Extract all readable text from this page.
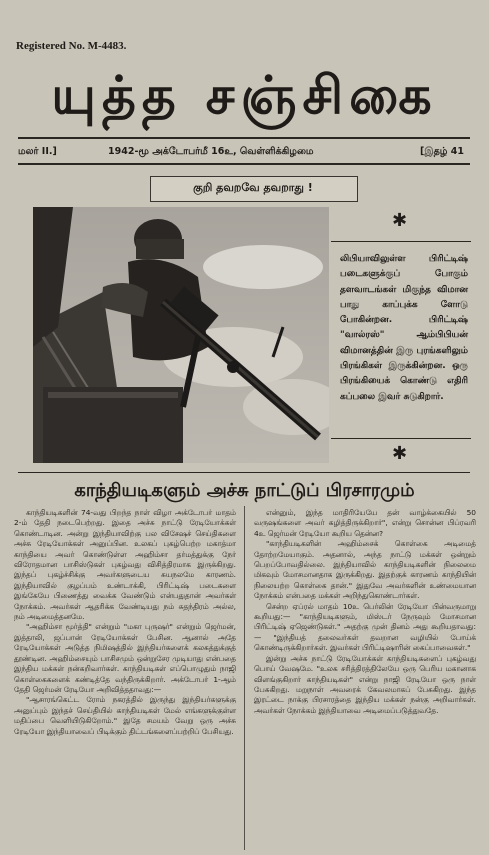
Registered No. M-4483.
யுத்த சஞ்சிகை
மலர் II.]	1942-மூ அக்டோபர்மீ 16உ, வெள்ளிக்கிழமை	[இதழ் 41
குறி தவறவே தவறாது !
✱
லிபியாவிலுள்ள பிரிட்டிஷ் படைகளுக்குப் போகும் தளவாடங்கள் மிகுந்த விமான பாது காப்புக்க ளோடு போகின்றன. பிரிட்டிஷ் "வால்ரஸ்" ஆம்பிபியன் விமானத்தின் இரு புரங்களிலும் பிரங்கிகள் இருக்கின்றன. ஒரு பிரங்கியைக் கொண்டு எதிரி கப்பலை இவர் சுடுகிறார்.
✱
காந்தியடிகளும் அச்சு நாட்டுப் பிரசாரமும்

காந்தியடிகளின் 74-வது பிறந்த நாள் விழா அக்டோபர் மாதம் 2-ம் தேதி நடைபெற்றது. இதை அச்சு நாட்டு ரேடியோக்கள் கொண்டாடின. அன்று இந்தியாவிற்கு பல விசேஷச் செய்திகளை அச்சு ரேடியோக்கள் அனுப்பின. உலகப் புகழ்பெற்ற மகாத்மா காந்தியை அவர் கொண்டுள்ள அஹிம்சா தர்மத்துக்கு நேர் விரோதமான பாசிஸ்டுகள் புகழ்வது விசித்திரமாக இருக்கிறது. இந்தப் புகழ்ச்சிக்கு அவர்களுடைய சுயநலமே காரணம். இந்தியாவில் குழப்பம் உண்டாக்கி, பிரிட்டிஷ் படைகளை இங்கேயே பிணைத்து வைக்க வேண்டும் என்பதுதான் அவர்கள் நோக்கம். அவர்கள் ஆதரிக்க வேண்டியது நம் சுதந்திரம் அல்ல, நம் அடிமைத்தனமே.

"அஹிம்சா மூர்த்தி" என்றும் "மகா புருஷர்" என்றும் ஜெர்மன், இத்தாலி, ஜப்பான் ரேடியோக்கள் பேசின. ஆனால் அதே ரேடியோக்கள் அடுத்த நிமிஷத்தில் இந்தியர்களைக் கலகத்துக்குத் தூண்டின. அஹிம்சையும் பாசிசமும் ஒன்றுசேர முடியாது என்பதை இந்திய மக்கள் நன்கறிவார்கள். காந்தியடிகள் எப்பொழுதும் நாஜி கொள்கைகளைக் கண்டித்தே வந்திருக்கிறார். அக்டோபர் 1-ஆம் தேதி ஜெர்மன் ரேடியோ அறிவித்ததாவது:—

"ஆசாரங்கெட்ட ரோம் நகரத்தில் இருந்து இந்தியர்களுக்கு அனுப்பும் இந்தச் செய்தியில் காந்தியடிகள் மேல் எங்களுக்குள்ள மதிப்பை வெளியிடுகிறோம்." இதே சமயம் வேறு ஒரு அச்சு ரேடியோ இந்தியாவைப் பிடிக்கும் திட்டங்களைப்பற்றிப் பேசியது.

என்னும், இந்த மாதிரியேயே தன் வாழ்க்கையில் 50 வருஷங்களை அவர் கழித்திருக்கிறார்", என்று சொன்ன பிப்ரவரி 4உ ஜெர்மன் ரேடியோ கூறிய தென்ன?

"காந்தியடிகளின் அஹிம்சைக் கொள்கை அடிமைத் தோற்றமேயாகும். அதனால், அந்த நாட்டு மக்கள் ஒன்றும் பெறப்போவதில்லை. இந்தியாவில் காந்தியடிகளின் நிலைமை மிகவும் மோசமானதாக இருக்கிறது. இதற்குக் காரணம் காந்தியின் நிலையற்ற கொள்கை தான்." இதுவே அவர்களின் உண்மையான நோக்கம் என்பதை மக்கள் அறிந்துகொண்டார்கள்.

சென்ற ஏப்ரல் மாதம் 10உ பெர்லின் ரேடியோ பின்வருமாறு கூறியது:— "காந்தியடிகளும், மிஸ்டர் நேருவும் மோசமான பிரிட்டிஷ் ஏஜெண்டுகள்." அதற்கு முன் தினம் அது கூறியதாவது:— "இந்தியத் தலைவர்கள் தவறான வழியில் போய்க் கொண்டிருக்கிறார்கள். இவர்கள் பிரிட்டிஷாரின் கைப்பாவைகள்."

இன்று அச்சு நாட்டு ரேடியோக்கள் காந்தியடிகளைப் புகழ்வது பொய் வேஷமே. "உலக சரித்திரத்திலேயே ஒரு பெரிய மகானாக விளங்குகிறார் காந்தியடிகள்" என்று நாஜி ரேடியோ ஒரு நாள் பேசுகிறது. மறுநாள் அவரைக் கேவலமாகப் பேசுகிறது. இந்த இரட்டை நாக்கு பிரசாரத்தை இந்திய மக்கள் நன்கு அறிவார்கள். அவர்கள் நோக்கம் இந்தியாவை அடிமைப்படுத்துவதே.
